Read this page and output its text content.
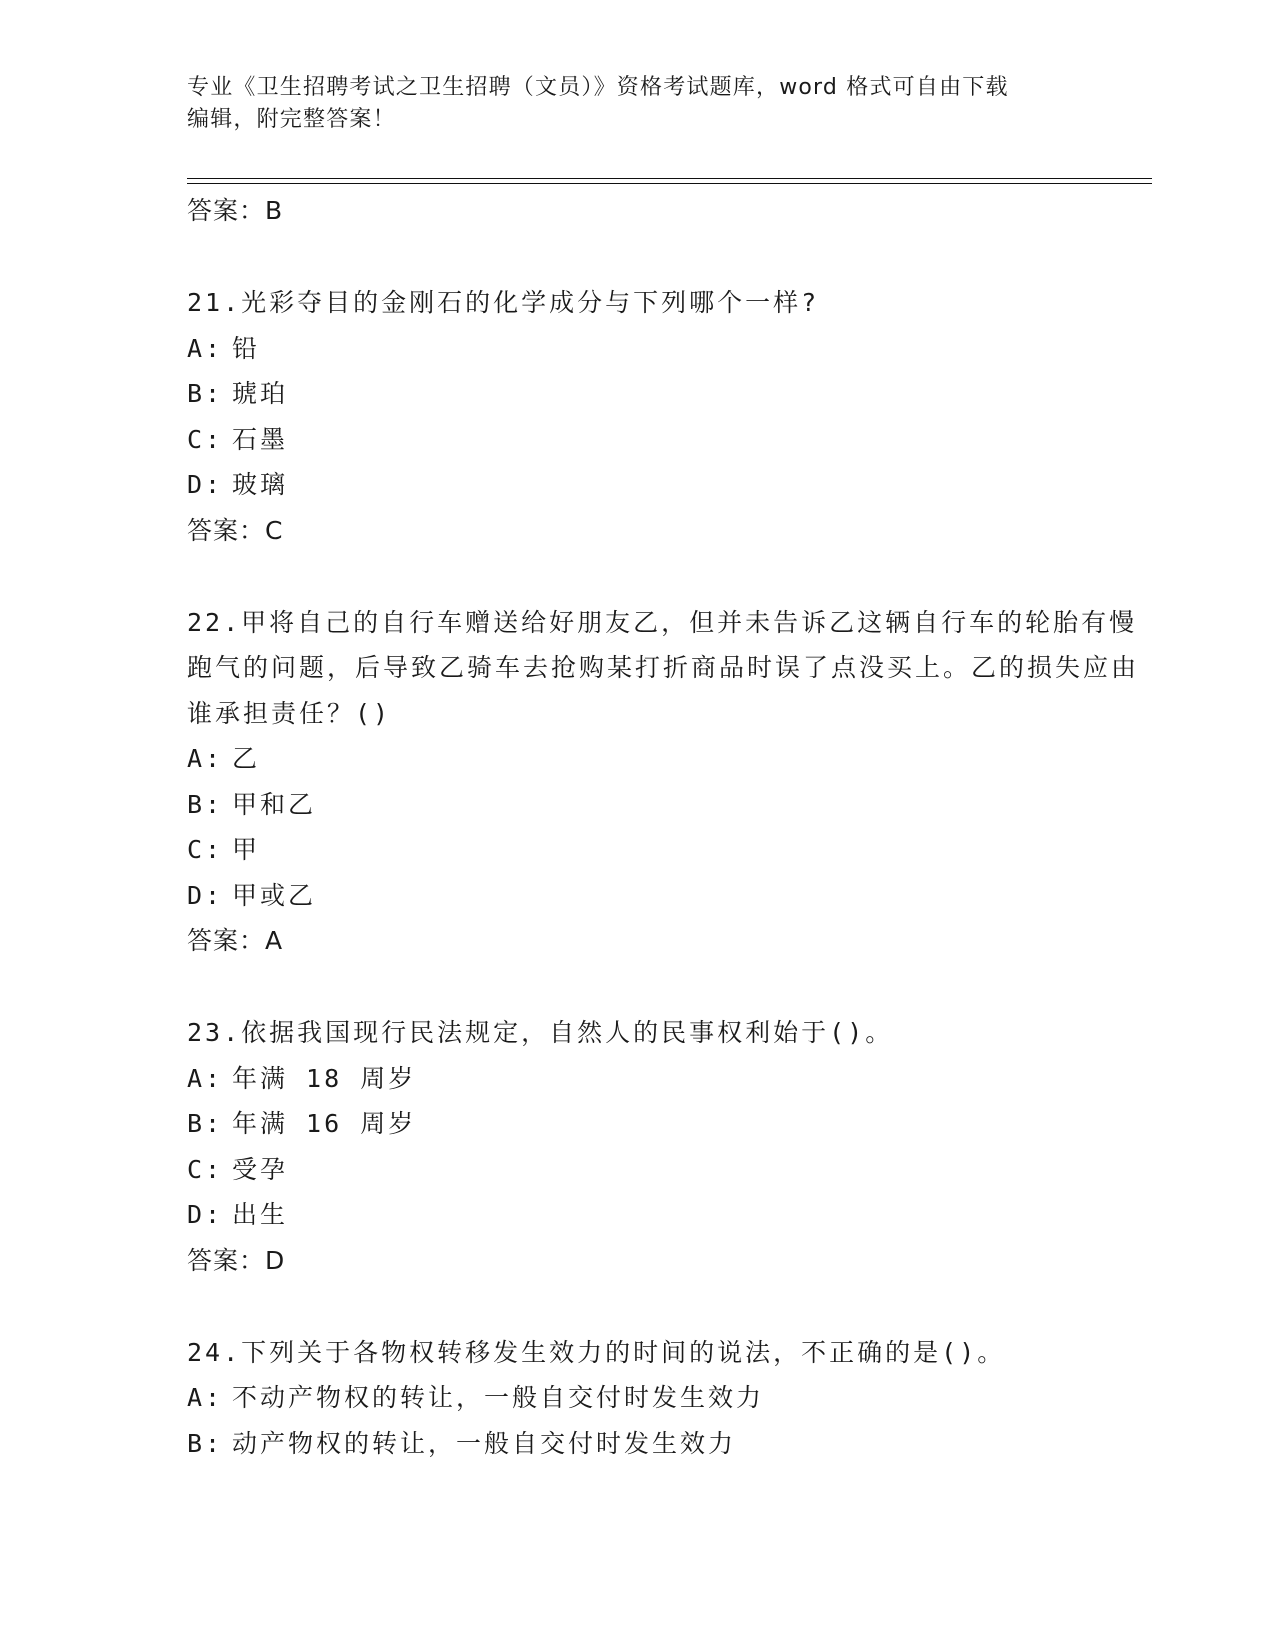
专业《卫生招聘考试之卫生招聘（文员）》资格考试题库，word 格式可自由下载
编辑，附完整答案！
答案：B

21.光彩夺目的金刚石的化学成分与下列哪个一样?

A: 铅
B: 琥珀
C: 石墨
D: 玻璃
答案：C

22.甲将自己的自行车赠送给好朋友乙，但并未告诉乙这辆自行车的轮胎有慢跑气的问题，后导致乙骑车去抢购某打折商品时误了点没买上。乙的损失应由谁承担责任？()

A: 乙
B: 甲和乙
C: 甲
D: 甲或乙
答案：A

23.依据我国现行民法规定，自然人的民事权利始于()。

A: 年满 18 周岁
B: 年满 16 周岁
C: 受孕
D: 出生
答案：D

24.下列关于各物权转移发生效力的时间的说法，不正确的是()。

A: 不动产物权的转让，一般自交付时发生效力
B: 动产物权的转让，一般自交付时发生效力
